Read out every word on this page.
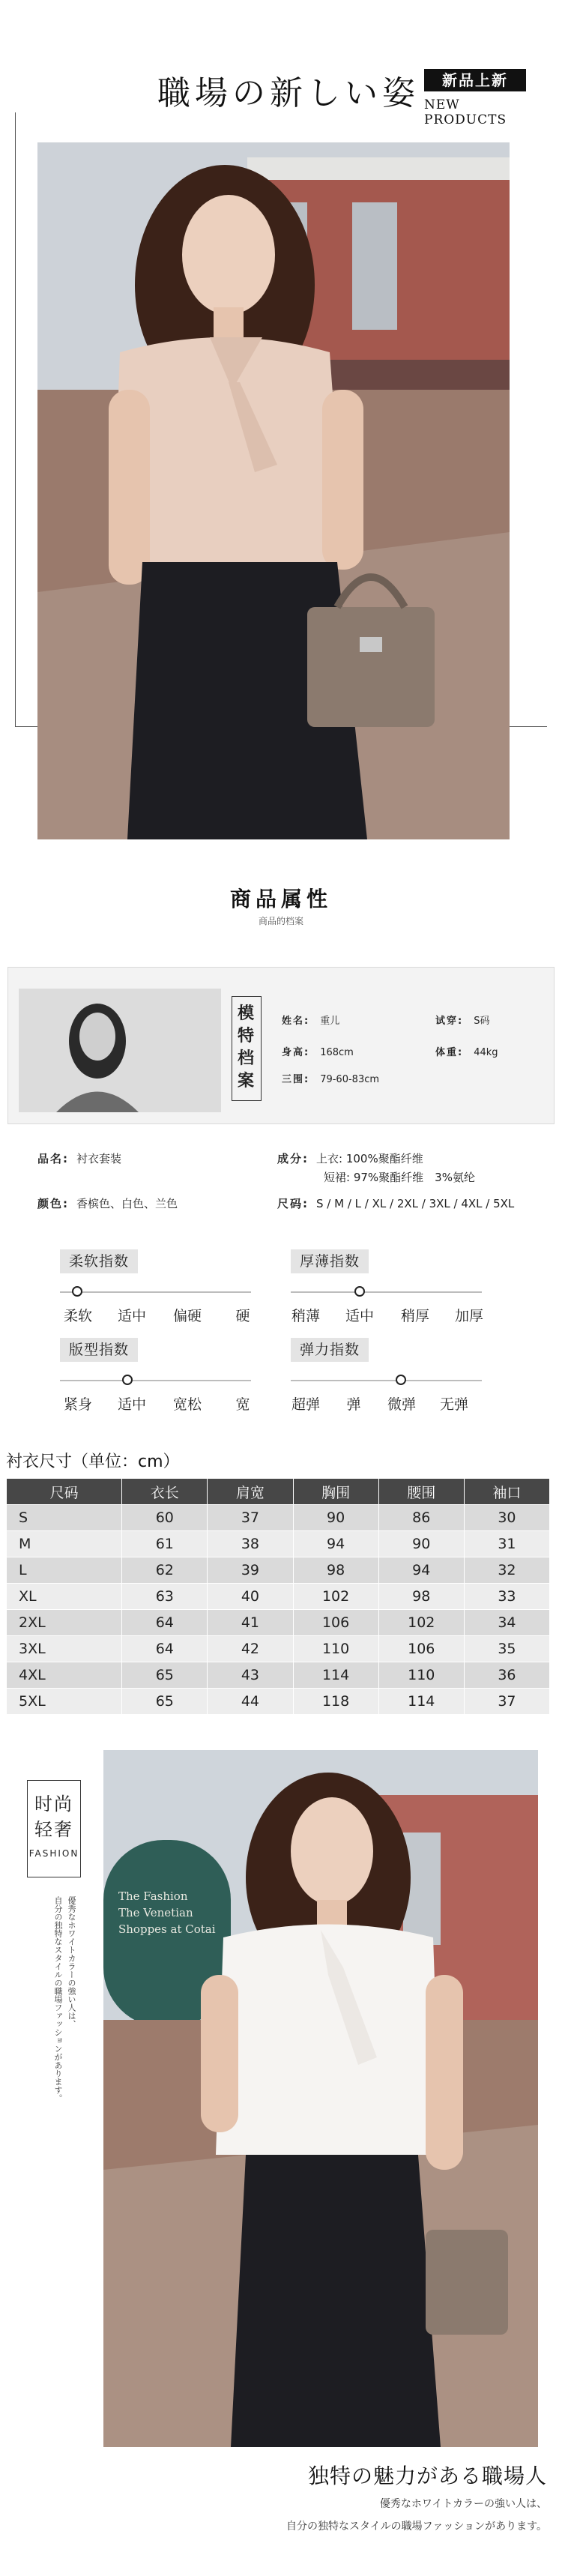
職場の新しい姿	新品上新
NEW PRODUCTS
商品属性
商品的档案
模特档案
姓名: 重儿	试穿: S码
身高: 168cm	体重: 44kg
三围: 79-60-83cm
品名: 衬衣套装	成分: 上衣: 100%聚酯纤维
短裙: 97%聚酯纤维　3%氨纶
颜色: 香槟色、白色、兰色	尺码: S / M / L / XL / 2XL / 3XL / 4XL / 5XL
柔软指数
柔软	适中	偏硬	硬
厚薄指数
稍薄	适中	稍厚	加厚
版型指数
紧身	适中	宽松	宽
弹力指数
超弹	弹	微弹	无弹
衬衣尺寸（单位：cm）
尺码	衣长	肩宽	胸围	腰围	袖口
S	60	37	90	86	30
M	61	38	94	90	31
L	62	39	98	94	32
XL	63	40	102	98	33
2XL	64	41	106	102	34
3XL	64	42	110	106	35
4XL	65	43	114	110	36
5XL	65	44	118	114	37
时尚
轻奢
FASHION
優秀なホワイトカラーの強い人は、
自分の独特なスタイルの職場ファッションがあります。	The Fashion
The Venetian
Shoppes at Cotai
独特の魅力がある職場人
優秀なホワイトカラーの強い人は、
自分の独特なスタイルの職場ファッションがあります。
